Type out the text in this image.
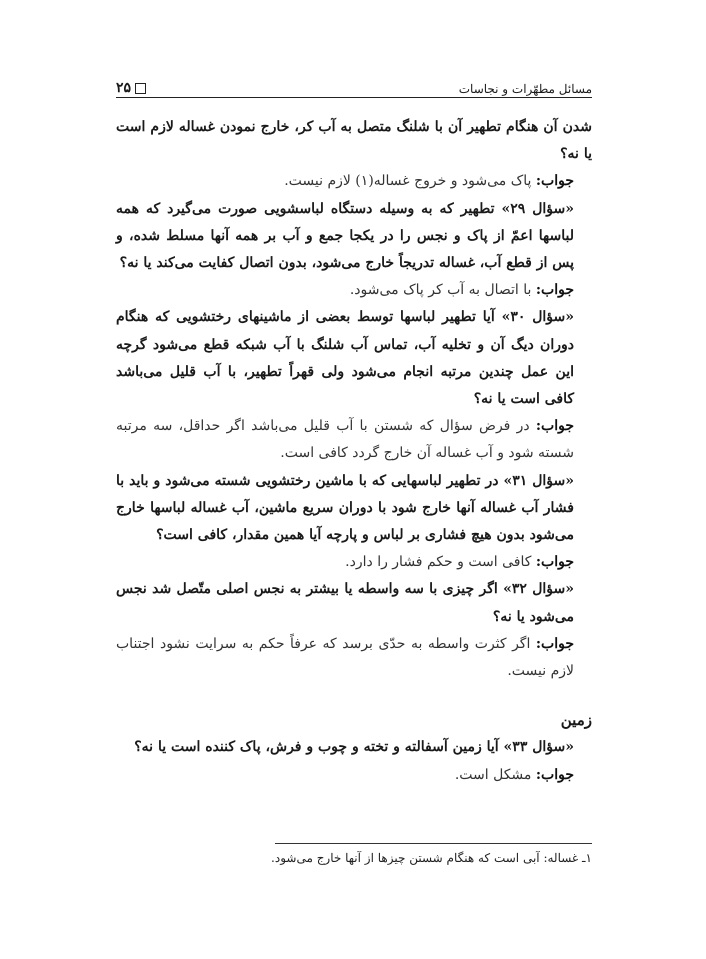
مسائل مطهّرات و نجاسات
۲۵

شدن آن هنگام تطهیر آن با شلنگ متصل به آب کر، خارج نمودن غساله لازم است یا نه؟

جواب: پاک می‌شود و خروج غساله(۱) لازم نیست.

«سؤال ۲۹» تطهیر که به وسیله دستگاه لباسشویی صورت می‌گیرد که همه لباسها اعمّ از پاک و نجس را در یکجا جمع و آب بر همه آنها مسلط شده، و پس از قطع آب، غساله تدریجاً خارج می‌شود، بدون اتصال کفایت می‌کند یا نه؟

جواب: با اتصال به آب کر پاک می‌شود.

«سؤال ۳۰» آیا تطهیر لباسها توسط بعضی از ماشینهای رختشویی که هنگام دوران دیگ آن و تخلیه آب، تماس آب شلنگ با آب شبکه قطع می‌شود گرچه این عمل چندین مرتبه انجام می‌شود ولی قهراً تطهیر، با آب قلیل می‌باشد کافی است یا نه؟

جواب: در فرض سؤال که شستن با آب قلیل می‌باشد اگر حداقل، سه مرتبه شسته شود و آب غساله آن خارج گردد کافی است.

«سؤال ۳۱» در تطهیر لباسهایی که با ماشین رختشویی شسته می‌شود و باید با فشار آب غساله آنها خارج شود با دوران سریع ماشین، آب غساله لباسها خارج می‌شود بدون هیچ فشاری بر لباس و پارچه آیا همین مقدار، کافی است؟

جواب: کافی است و حکم فشار را دارد.

«سؤال ۳۲» اگر چیزی با سه واسطه یا بیشتر به نجس اصلی متّصل شد نجس می‌شود یا نه؟

جواب: اگر کثرت واسطه به حدّی برسد که عرفاً حکم به سرایت نشود اجتناب لازم نیست.

زمین

«سؤال ۳۳» آیا زمین آسفالته و تخته و چوب و فرش، پاک کننده است یا نه؟

جواب: مشکل است.

۱ـ غساله: آبی است که هنگام شستن چیزها از آنها خارج می‌شود.
